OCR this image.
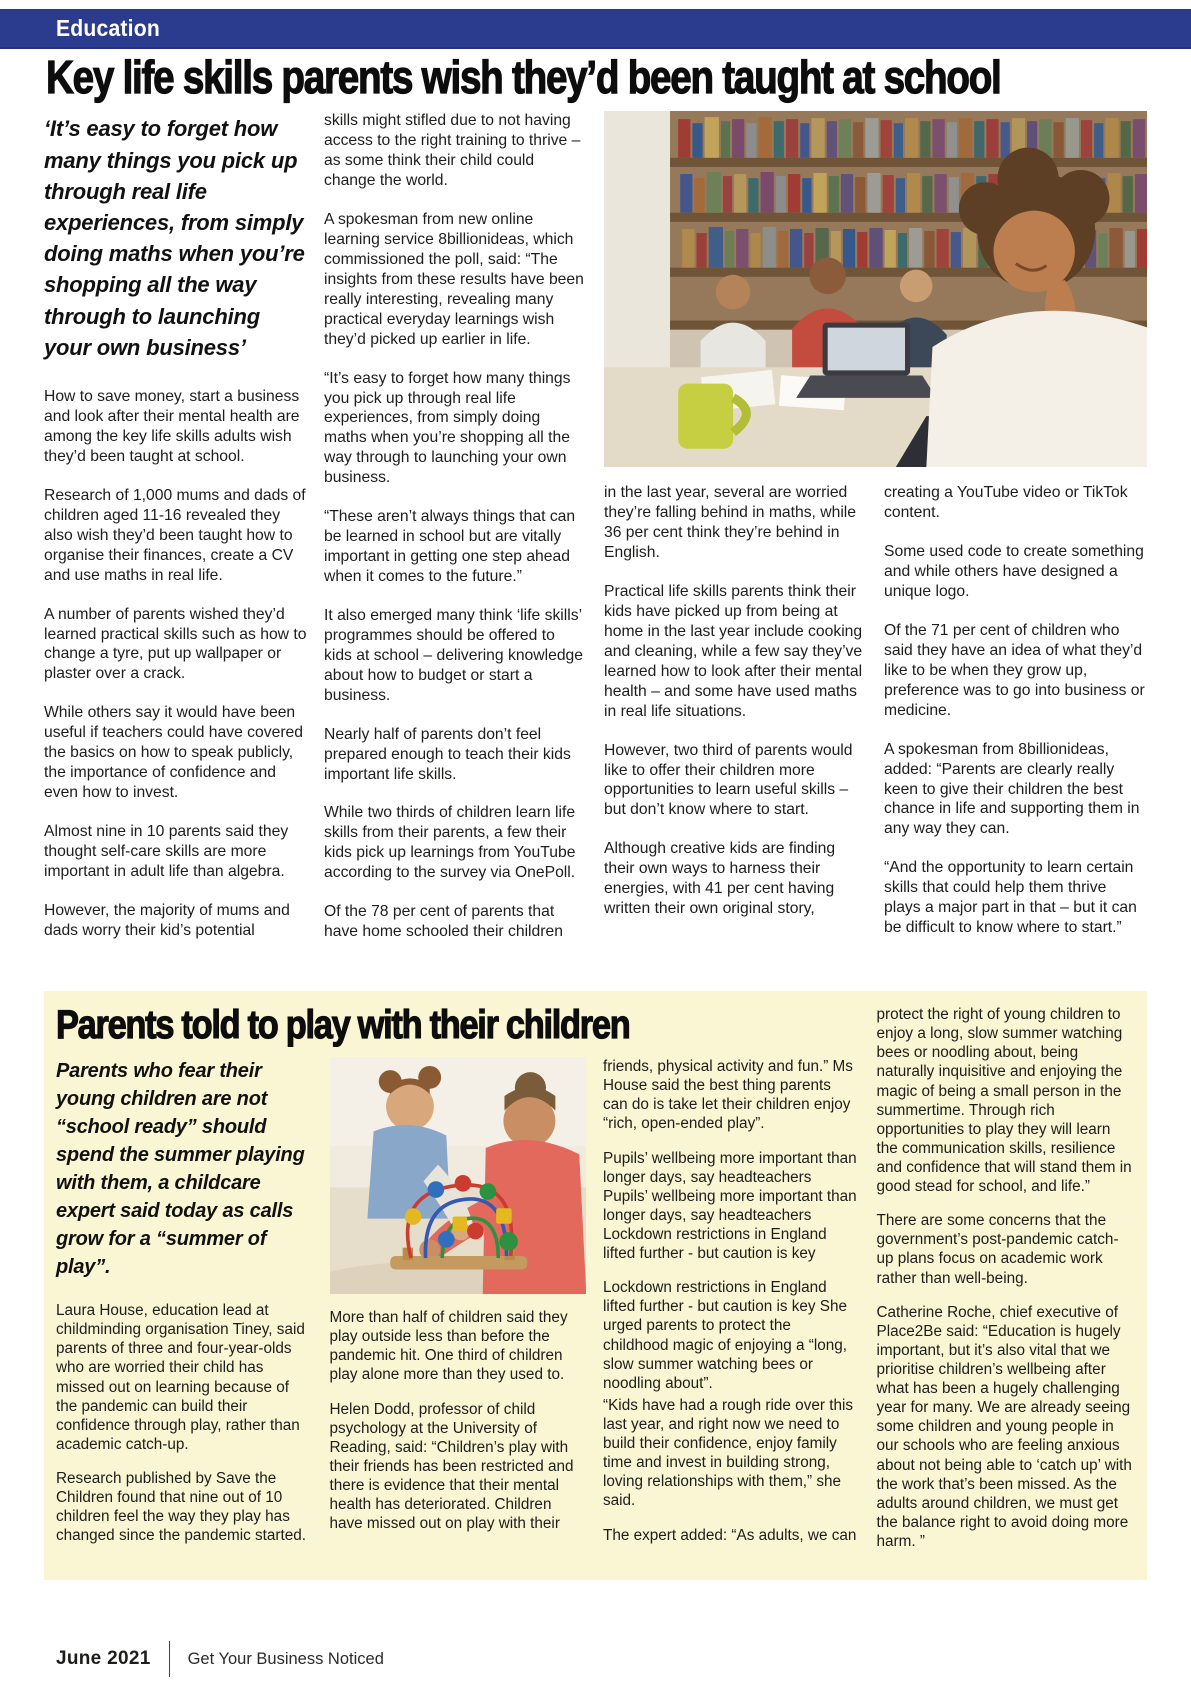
Education
Key life skills parents wish they’d been taught at school
‘It’s easy to forget how many things you pick up through real life experiences, from simply doing maths when you’re shopping all the way through to launching your own business’

How to save money, start a business and look after their mental health are among the key life skills adults wish they’d been taught at school.

Research of 1,000 mums and dads of children aged 11-16 revealed they also wish they’d been taught how to organise their finances, create a CV and use maths in real life.

A number of parents wished they’d learned practical skills such as how to change a tyre, put up wallpaper or plaster over a crack.

While others say it would have been useful if teachers could have covered the basics on how to speak publicly, the importance of confidence and even how to invest.

Almost nine in 10 parents said they thought self-care skills are more important in adult life than algebra.

However, the majority of mums and dads worry their kid’s potential

skills might stifled due to not having access to the right training to thrive – as some think their child could change the world.

A spokesman from new online learning service 8billionideas, which commissioned the poll, said: “The insights from these results have been really interesting, revealing many practical everyday learnings wish they’d picked up earlier in life.

“It’s easy to forget how many things you pick up through real life experiences, from simply doing maths when you’re shopping all the way through to launching your own business.

“These aren’t always things that can be learned in school but are vitally important in getting one step ahead when it comes to the future.”

It also emerged many think ‘life skills’ programmes should be offered to kids at school – delivering knowledge about how to budget or start a business.

Nearly half of parents don’t feel prepared enough to teach their kids important life skills.

While two thirds of children learn life skills from their parents, a few their kids pick up learnings from YouTube according to the survey via OnePoll.

Of the 78 per cent of parents that have home schooled their children

in the last year, several are worried they’re falling behind in maths, while 36 per cent think they’re behind in English.

Practical life skills parents think their kids have picked up from being at home in the last year include cooking and cleaning, while a few say they’ve learned how to look after their mental health – and some have used maths in real life situations.

However, two third of parents would like to offer their children more opportunities to learn useful skills – but don’t know where to start.

Although creative kids are finding their own ways to harness their energies, with 41 per cent having written their own original story,

creating a YouTube video or TikTok content.

Some used code to create something and while others have designed a unique logo.

Of the 71 per cent of children who said they have an idea of what they’d like to be when they grow up, preference was to go into business or medicine.

A spokesman from 8billionideas, added: “Parents are clearly really keen to give their children the best chance in life and supporting them in any way they can.

“And the opportunity to learn certain skills that could help them thrive plays a major part in that – but it can be difficult to know where to start.”

Parents told to play with their children
Parents who fear their young children are not “school ready” should spend the summer playing with them, a childcare expert said today as calls grow for a “summer of play”.

Laura House, education lead at childminding organisation Tiney, said parents of three and four-year-olds who are worried their child has missed out on learning because of the pandemic can build their confidence through play, rather than academic catch-up.

Research published by Save the Children found that nine out of 10 children feel the way they play has changed since the pandemic started.

More than half of children said they play outside less than before the pandemic hit. One third of children play alone more than they used to.

Helen Dodd, professor of child psychology at the University of Reading, said: “Children’s play with their friends has been restricted and there is evidence that their mental health has deteriorated. Children have missed out on play with their

friends, physical activity and fun.” Ms House said the best thing parents can do is take let their children enjoy “rich, open-ended play”.

Pupils’ wellbeing more important than longer days, say headteachers Pupils’ wellbeing more important than longer days, say headteachers Lockdown restrictions in England lifted further - but caution is key

Lockdown restrictions in England lifted further - but caution is key She urged parents to protect the childhood magic of enjoying a “long, slow summer watching bees or noodling about”.

“Kids have had a rough ride over this last year, and right now we need to build their confidence, enjoy family time and invest in building strong, loving relationships with them,” she said.

The expert added: “As adults, we can

protect the right of young children to enjoy a long, slow summer watching bees or noodling about, being naturally inquisitive and enjoying the magic of being a small person in the summertime. Through rich opportunities to play they will learn the communication skills, resilience and confidence that will stand them in good stead for school, and life.”

There are some concerns that the government’s post-pandemic catch-up plans focus on academic work rather than well-being.

Catherine Roche, chief executive of Place2Be said: “Education is hugely important, but it’s also vital that we prioritise children’s wellbeing after what has been a hugely challenging year for many. We are already seeing some children and young people in our schools who are feeling anxious about not being able to ‘catch up’ with the work that’s been missed. As the adults around children, we must get the balance right to avoid doing more harm. ”

June 2021 Get Your Business Noticed
